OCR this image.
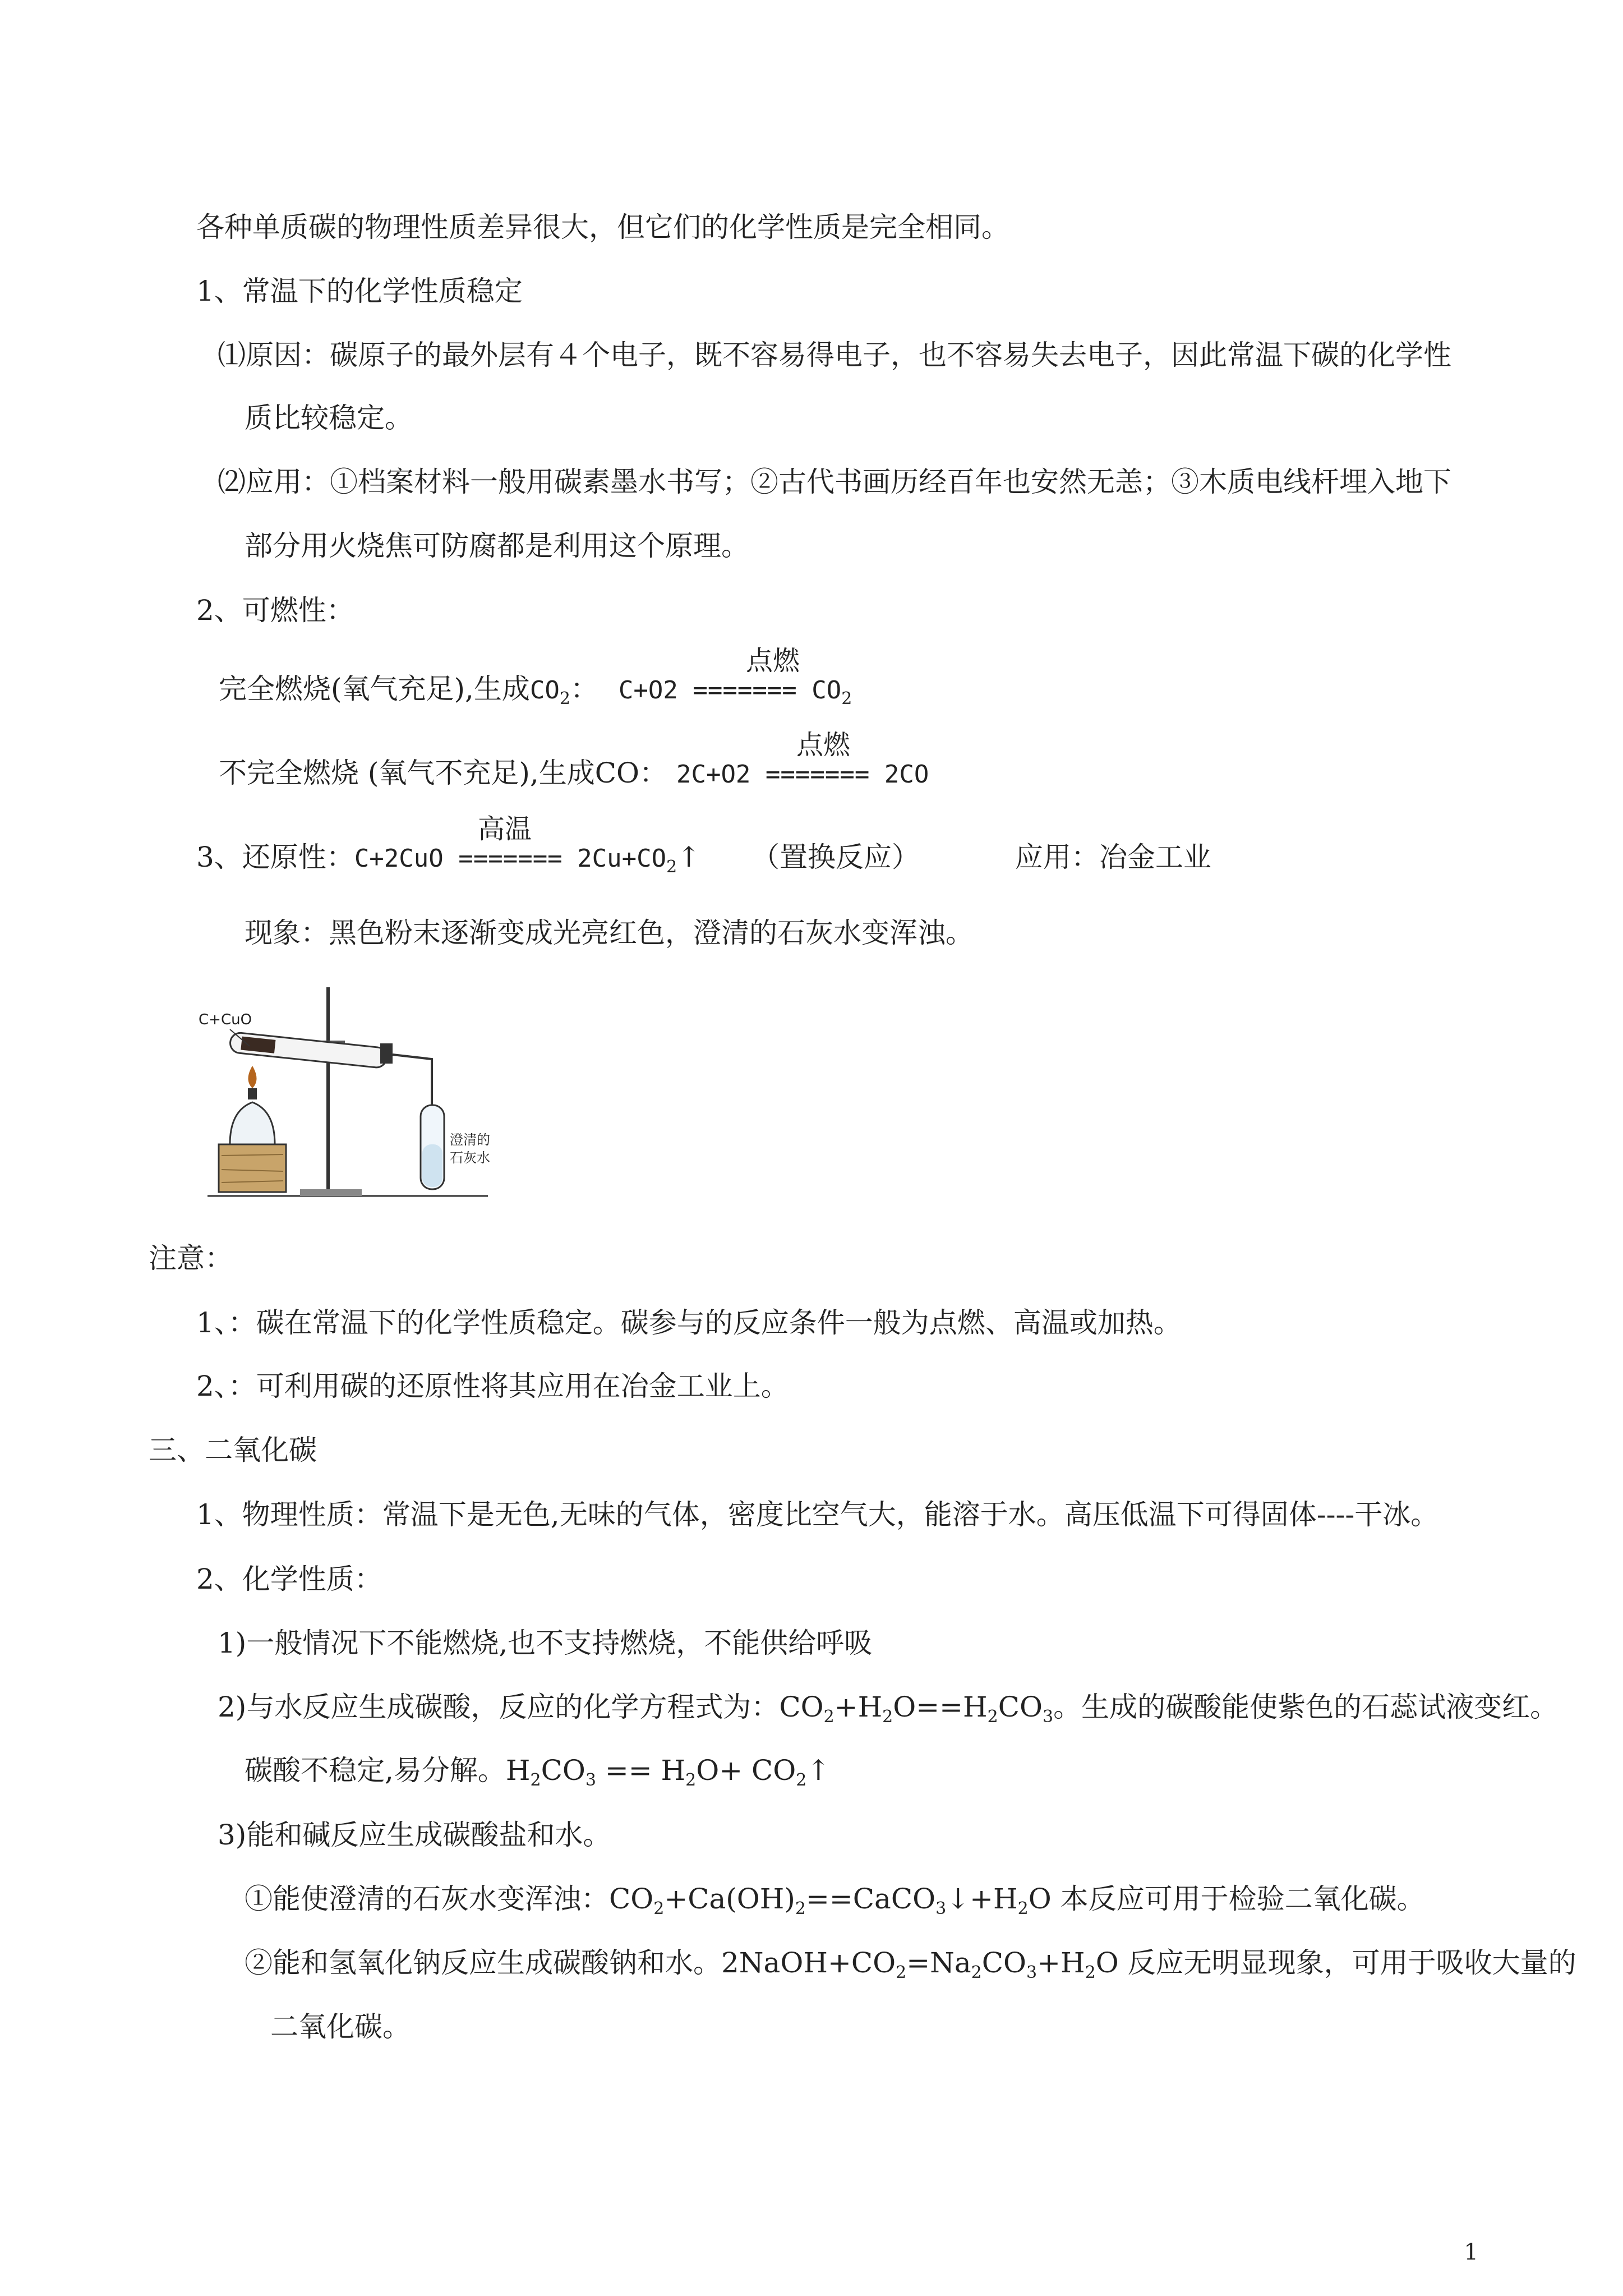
各种单质碳的物理性质差异很大，但它们的化学性质是完全相同。
1、常温下的化学性质稳定
⑴原因：碳原子的最外层有４个电子，既不容易得电子，也不容易失去电子，因此常温下碳的化学性
质比较稳定。
⑵应用：①档案材料一般用碳素墨水书写；②古代书画历经百年也安然无恙；③木质电线杆埋入地下
部分用火烧焦可防腐都是利用这个原理。
2、可燃性：
点燃
完全燃烧(氧气充足),生成$CO_2$： C+O2 ======= $CO_2$
点燃
不完全燃烧 (氧气不充足),生成CO： 2C+O2 ======= 2CO
高温
3、还原性：C+2CuO ======= $2Cu+CO_2↑$ （置换反应）	应用：冶金工业
现象：黑色粉末逐渐变成光亮红色，澄清的石灰水变浑浊。
C+CuO
澄清的
石灰水
注意：
1、：碳在常温下的化学性质稳定。碳参与的反应条件一般为点燃、高温或加热。
2、：可利用碳的还原性将其应用在冶金工业上。
三、二氧化碳
1、物理性质：常温下是无色,无味的气体，密度比空气大，能溶于水。高压低温下可得固体----干冰。
2、化学性质：
1)一般情况下不能燃烧,也不支持燃烧，不能供给呼吸
2)与水反应生成碳酸，反应的化学方程式为：$CO_2+H_2O==H_2CO_3$。生成的碳酸能使紫色的石蕊试液变红。
碳酸不稳定,易分解。$H_2CO_3 == H_2O+$ $CO_2↑$
3)能和碱反应生成碳酸盐和水。
①能使澄清的石灰水变浑浊：$CO_2+Ca(OH)_2==CaCO_3↓+H_2O$ 本反应可用于检验二氧化碳。
②能和氢氧化钠反应生成碳酸钠和水。$2NaOH+CO_2=Na_2CO_3+H_2O$ 反应无明显现象，可用于吸收大量的
二氧化碳。
1
